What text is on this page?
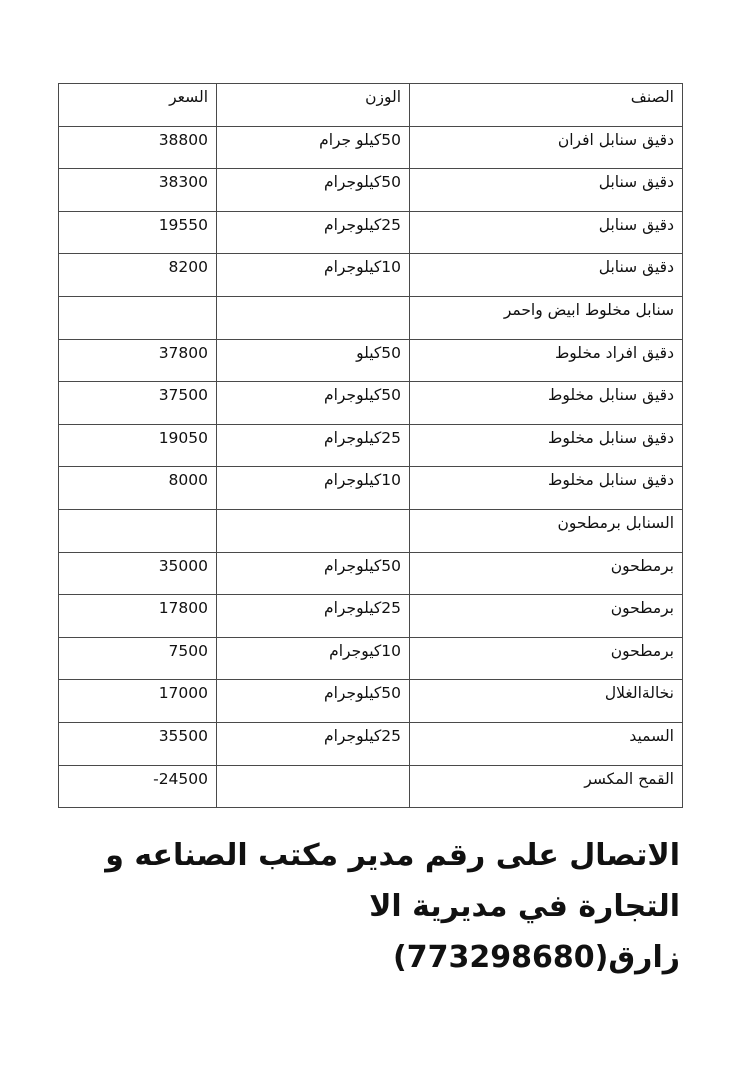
الصنف	الوزن	السعر
دقيق سنابل افران	50كيلو جرام	38800
دقيق سنابل	50كيلوجرام	38300
دقيق سنابل	25كيلوجرام	19550
دقيق سنابل	10كيلوجرام	8200
سنابل مخلوط ابيض واحمر		
دقيق افراد مخلوط	50كيلو	37800
دقيق سنابل مخلوط	50كيلوجرام	37500
دقيق سنابل مخلوط	25كيلوجرام	19050
دقيق سنابل مخلوط	10كيلوجرام	8000
السنابل برمطحون		
برمطحون	50كيلوجرام	35000
برمطحون	25كيلوجرام	17800
برمطحون	10كيوجرام	7500
نخالةالغلال	50كيلوجرام	17000
السميد	25كيلوجرام	35500
القمح المكسر		24500-
الاتصال على رقم مدير مكتب الصناعه و
التجارة في مديرية الا
زارق(773298680)
